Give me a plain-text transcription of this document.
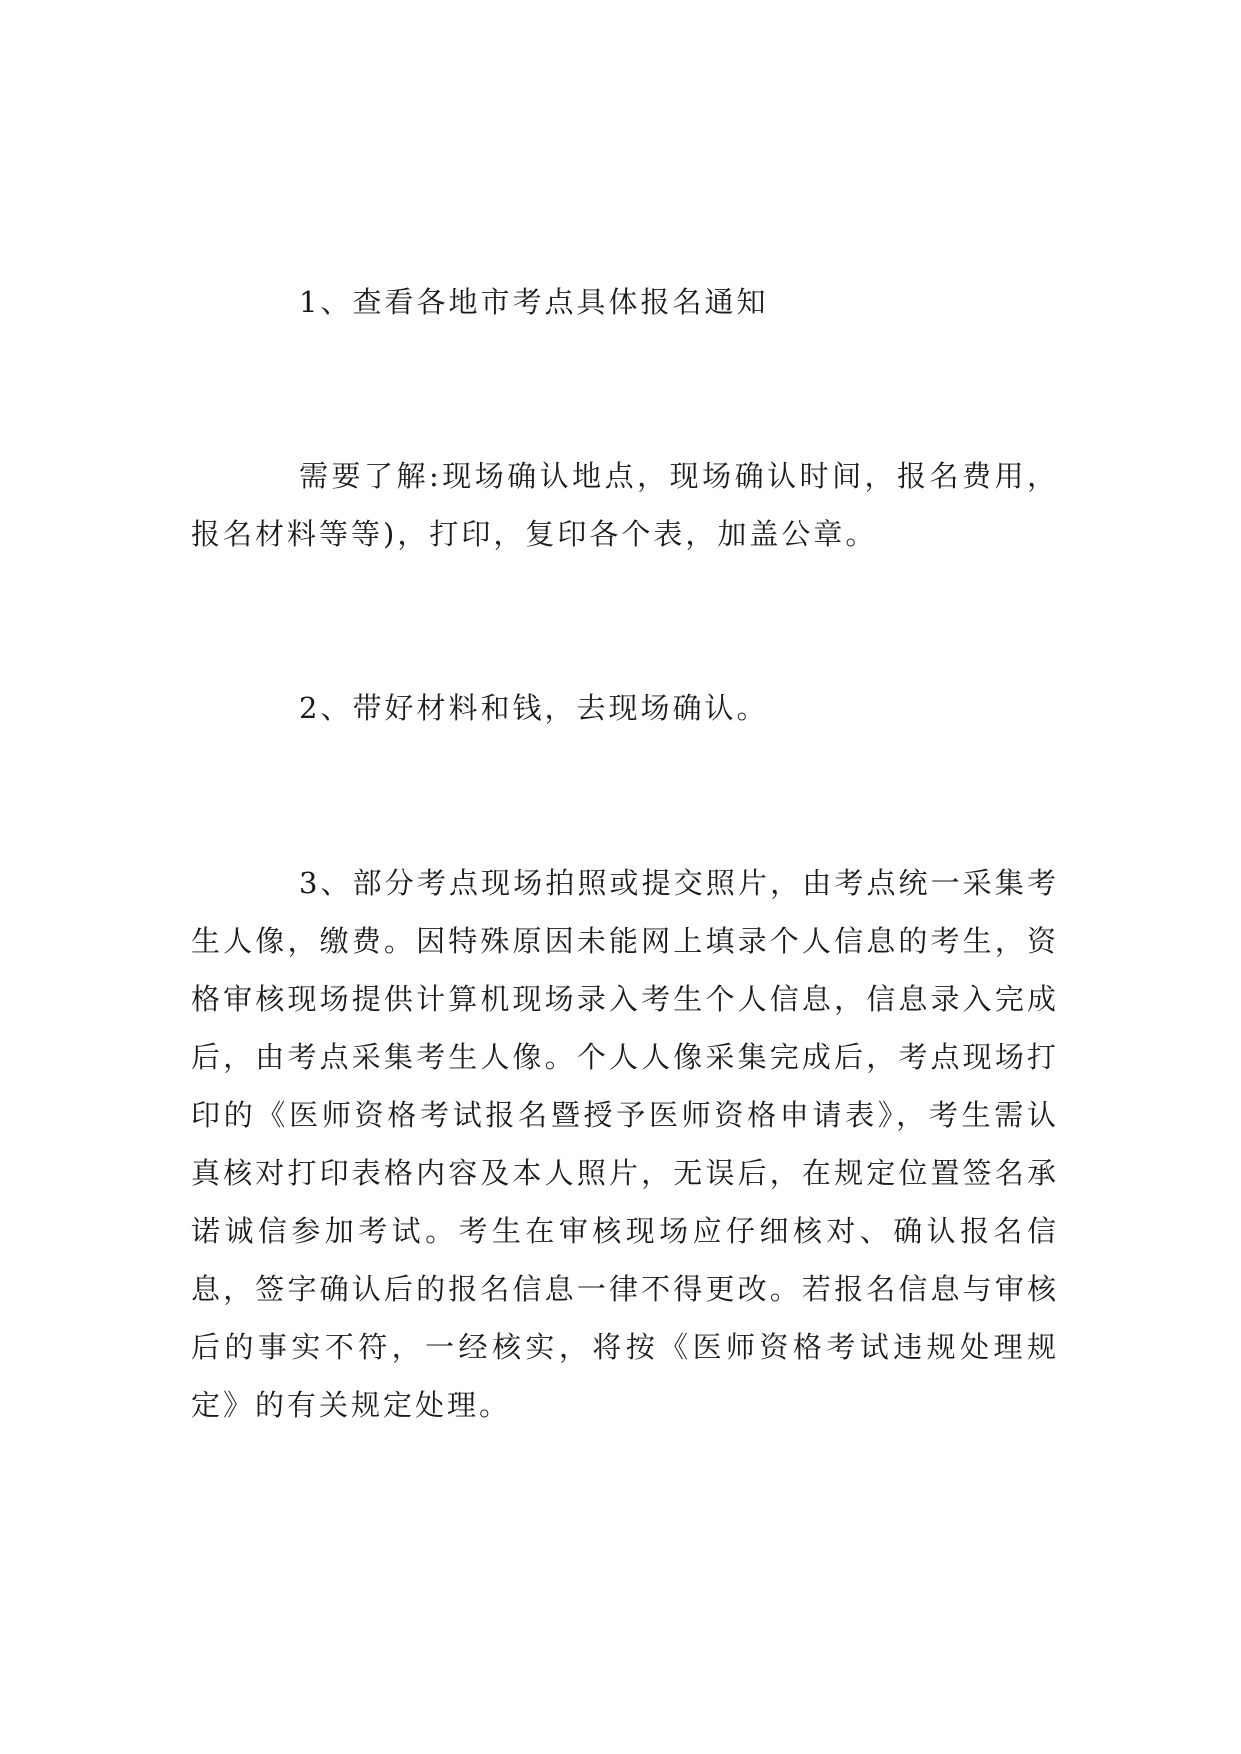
1、查看各地市考点具体报名通知

需要了解:现场确认地点，现场确认时间，报名费用，报名材料等等)，打印，复印各个表，加盖公章。

2、带好材料和钱，去现场确认。

3、部分考点现场拍照或提交照片，由考点统一采集考生人像，缴费。因特殊原因未能网上填录个人信息的考生，资格审核现场提供计算机现场录入考生个人信息，信息录入完成后，由考点采集考生人像。个人人像采集完成后，考点现场打印的《医师资格考试报名暨授予医师资格申请表》，考生需认真核对打印表格内容及本人照片，无误后，在规定位置签名承诺诚信参加考试。考生在审核现场应仔细核对、确认报名信息，签字确认后的报名信息一律不得更改。若报名信息与审核后的事实不符，一经核实，将按《医师资格考试违规处理规定》的有关规定处理。
